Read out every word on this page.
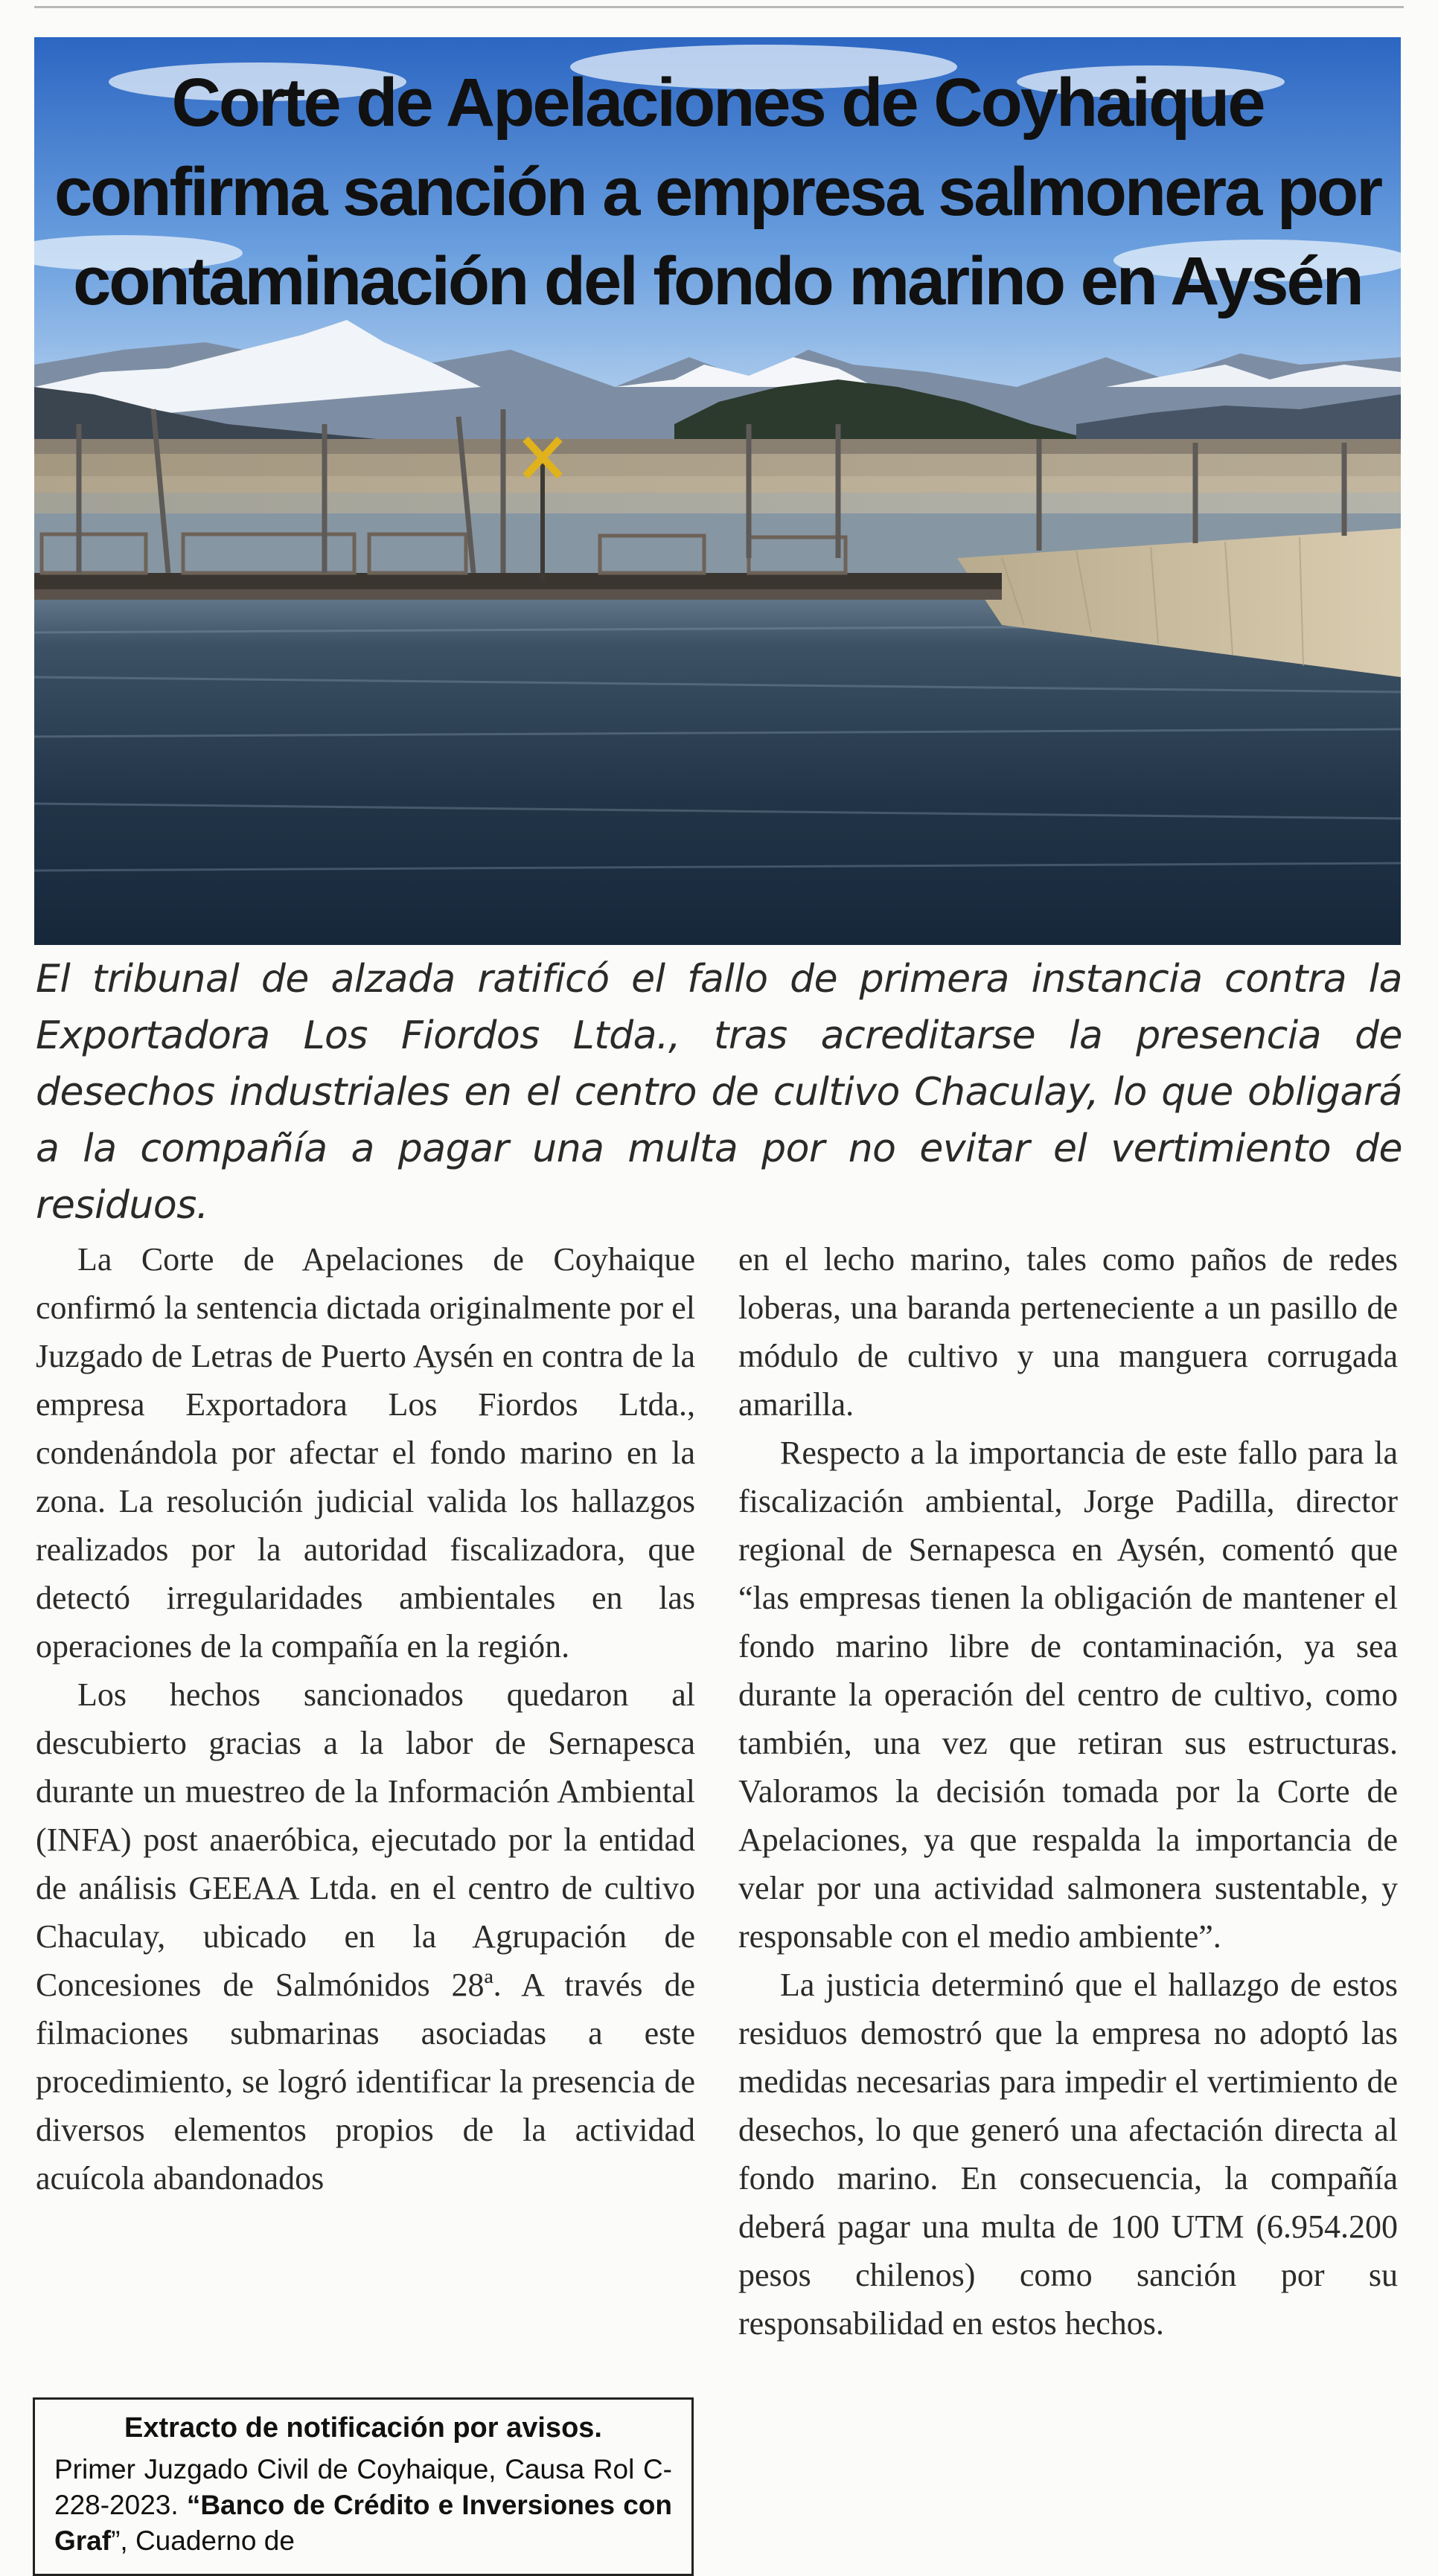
Corte de Apelaciones de Coyhaique
confirma sanción a empresa salmonera por
contaminación del fondo marino en Aysén

El tribunal de alzada ratificó el fallo de primera instancia contra la Exportadora Los Fiordos Ltda., tras acreditarse la presencia de desechos industriales en el centro de cultivo Chaculay, lo que obligará a la compañía a pagar una multa por no evitar el vertimiento de residuos.

La Corte de Apelaciones de Coyhaique confirmó la sentencia dictada originalmente por el Juzgado de Letras de Puerto Aysén en contra de la empresa Exportadora Los Fiordos Ltda., condenándola por afectar el fondo marino en la zona. La resolución judicial valida los hallazgos realizados por la autoridad fiscalizadora, que detectó irregularidades ambientales en las operaciones de la compañía en la región.

Los hechos sancionados quedaron al descubierto gracias a la labor de Sernapesca durante un muestreo de la Información Ambiental (INFA) post anaeróbica, ejecutado por la entidad de análisis GEEAA Ltda. en el centro de cultivo Chaculay, ubicado en la Agrupación de Concesiones de Salmónidos 28ª. A través de filmaciones submarinas asociadas a este procedimiento, se logró identificar la presencia de diversos elementos propios de la actividad acuícola abandonados

en el lecho marino, tales como paños de redes loberas, una baranda perteneciente a un pasillo de módulo de cultivo y una manguera corrugada amarilla.

Respecto a la importancia de este fallo para la fiscalización ambiental, Jorge Padilla, director regional de Sernapesca en Aysén, comentó que “las empresas tienen la obligación de mantener el fondo marino libre de contaminación, ya sea durante la operación del centro de cultivo, como también, una vez que retiran sus estructuras. Valoramos la decisión tomada por la Corte de Apelaciones, ya que respalda la importancia de velar por una actividad salmonera sustentable, y responsable con el medio ambiente”.

La justicia determinó que el hallazgo de estos residuos demostró que la empresa no adoptó las medidas necesarias para impedir el vertimiento de desechos, lo que generó una afectación directa al fondo marino. En consecuencia, la compañía deberá pagar una multa de 100 UTM (6.954.200 pesos chilenos) como sanción por su responsabilidad en estos hechos.

Extracto de notificación por avisos.

Primer Juzgado Civil de Coyhaique, Causa Rol C-228-2023. “Banco de Crédito e Inversiones con Graf”, Cuaderno de
